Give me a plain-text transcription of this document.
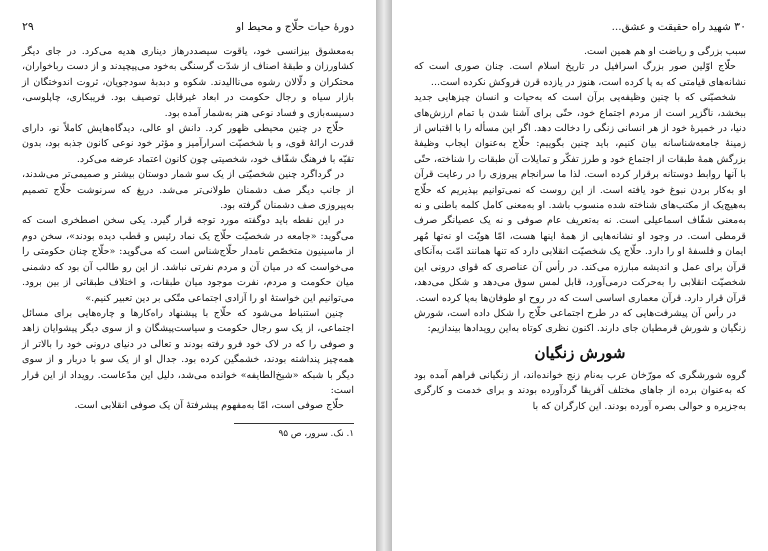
دورهٔ حیات حلّاج و محیط او
۲۹

به‌معشوق بیزانسی خود، یاقوت سیصددرهاز دیناری هدیه می‌کرد. در جای دیگر کشاورزان و طبقهٔ اصناف از شدّت گرسنگی به‌خود می‌پیچیدند و از دست رباخواران، محتکران و دلّالان رشوه می‌ناالیدند. شکوه و دبدبهٔ سودجویان، ثروت اندوختگان از بازار سیاه و رجال حکومت در ابعاد غیرقابل توصیف بود. فریبکاری، چاپلوسی، دسیسه‌بازی و فساد نوعی هنر به‌شمار آمده بود.

حلّاج در چنین محیطی ظهور کرد. دانش او عالی، دیدگاه‌هایش کاملاً نو، دارای قدرت ارائهٔ قوی، و با شخصیّت اسرارآمیز و مؤثر خود نوعی کانون جذبه بود، بدون تقیّه با فرهنگ شفّاف خود، شخصیتی چون کانون اعتماد عرضه می‌کرد.

در گرداگرد چنین شخصیّتی از یک سو شمار دوستان بیشتر و صمیمی‌تر می‌شدند، از جانب دیگر صف دشمنان طولانی‌تر می‌شد. دریغ که سرنوشت حلّاج تصمیم به‌پیروزی صف دشمنان گرفته بود.

در این نقطه باید دوگفته مورد توجه قرار گیرد. یکی سخن اصطخری است که می‌گوید: «جامعه در شخصیّت حلّاج یک نماد رئیس و قطب دیده بودند»، سخن دوم از ماسینیون متخصّص نامدار حلّاج‌شناس است که می‌گوید: «حلّاج چنان حکومتی را می‌خواست که در میان آن و مردم نفرتی نباشد. از این رو طالب آن بود که دشمنی میان حکومت و مردم، نفرت موجود میان طبقات، و اختلاف طبقاتی از بین برود. می‌توانیم این خواستهٔ او را آزادی اجتماعی متّکی بر دین تعبیر کنیم.»

چنین استنباط می‌شود که حلّاج با پیشنهاد راه‌کارها و چاره‌هایی برای مسائل اجتماعی، از یک سو رجال حکومت و سیاست‌پیشگان و از سوی دیگر پیشوایان زاهد و صوفی را که در لاک خود فرو رفته بودند و تعالی در دنیای درونی خود را بالاتر از همه‌چیز پنداشته بودند، خشمگین کرده بود. جدال او از یک سو با دربار و از سوی دیگر با شبکه «شیخ‌الطایفه» خوانده می‌شد، دلیل این مدّعاست. رویداد از این قرار است:

حلّاج صوفی است، امّا به‌مفهوم پیشرفتهٔ آن یک صوفی انقلابی است.

۱. نک. سرور، ص ۹۵
۳۰ شهید راه حقیقت و عشق...

سبب بزرگی و ریاضت او هم همین است.

حلّاج اوّلین صور بزرگ اسرافیل در تاریخ اسلام است. چنان صوری است که نشانه‌های قیامتی که به پا کرده است، هنوز در یازده قرن فروکش نکرده است...

شخصیّتی که با چنین وظیفه‌یی برآن است که به‌حیات و انسان چیزهایی جدید ببخشد، ناگزیر است از مردم اجتماع خود، حتّی برای آشنا شدن با تمام ارزش‌های دنیا، در خمیرهٔ خود از هر انسانی زنگی را دخالت دهد. اگر این مسأله را با اقتباس از زمینهٔ جامعه‌شناسانه بیان کنیم، باید چنین بگوییم: حلّاج به‌عنوان ایجاب وظیفهٔ بزرگش همهٔ طبقات از اجتماع خود و طرز تفکّر و تمایلات آن طبقات را شناخته، حتّی با آنها روابط دوستانه برقرار کرده است. لذا ما سرانجام پیروزی را در رعایت قرآن او به‌کار بردن نبوغ خود یافته است. از این روست که نمی‌توانیم بپذیریم که حلّاج به‌هیچ‌یک از مکتب‌های شناخته شده منسوب باشد. او به‌معنی کامل کلمه باطنی و نه به‌معنی شفّاف اسماعیلی است. نه به‌تعریف عام صوفی و نه یک عصیانگر صرف قرمطی است. در وجود او نشانه‌هایی از همهٔ اینها هست، امّا هویّت او نه‌تها مُهر ایمان و فلسفهٔ او را دارد. حلّاج یک شخصیّت انقلابی دارد که تنها همانند امّت به‌آنکای قرآن برای عمل و اندیشه مبارزه می‌کند. در رأس آن عناصری که قوای درونی این شخصیّت انقلابی را به‌حرکت درمی‌آورد، قابل لمس سوق می‌دهد و شکل می‌دهد، قرآن قرار دارد. قرآن معماری اساسی است که در روح او طوفان‌ها به‌پا کرده است.

در رأس آن پیشرفت‌هایی که در طرح اجتماعی حلّاج را شکل داده است، شورش زنگیان و شورش قرمطیان جای دارند. اکنون نظری کوتاه به‌این رویدادها بیندازیم:

شورش زنگیان

گروه شورشگری که مورّخان عرب به‌نام زنج خوانده‌اند، از زنگیانی فراهم آمده بود که به‌عنوان برده از جاهای مختلف آفریقا گردآورده بودند و برای خدمت و کارگری به‌جزیره و حوالی بصره آورده بودند. این کارگران که با
